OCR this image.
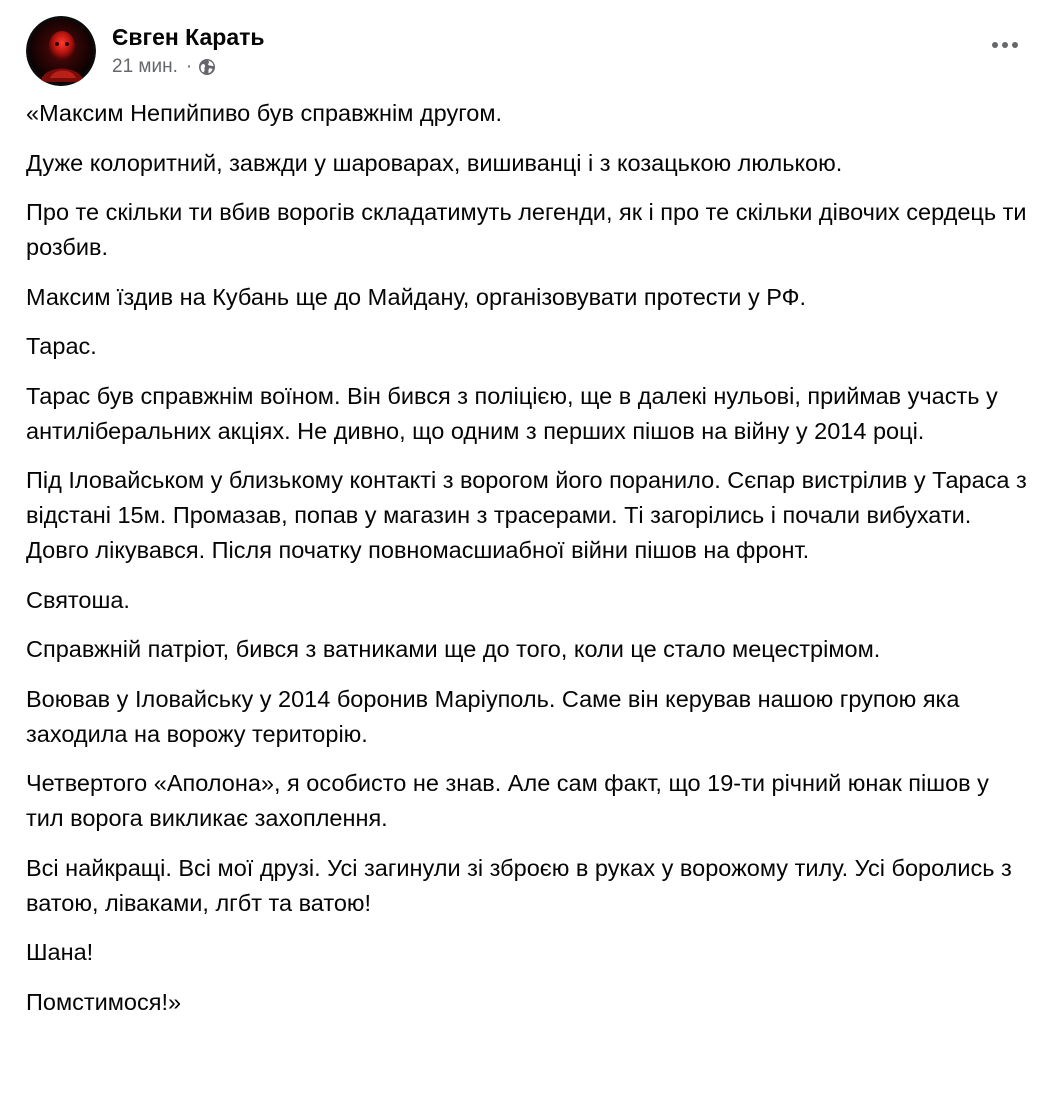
Євген Карать
21 мин. ·

«Максим Непийпиво був справжнім другом.

Дуже колоритний, завжди у шароварах, вишиванці і з козацькою люлькою.

Про те скільки ти вбив ворогів складатимуть легенди, як і про те скільки дівочих сердець ти розбив.

Максим їздив на Кубань ще до Майдану, організовувати протести у РФ.

Тарас.

Тарас був справжнім воїном. Він бився з поліцією, ще в далекі нульові, приймав участь у антиліберальних акціях. Не дивно, що одним з перших пішов на війну у 2014 році.

Під Іловайськом у близькому контакті з ворогом його поранило. Сєпар вистрілив у Тараса з відстані 15м. Промазав, попав у магазин з трасерами. Ті загорілись і почали вибухати. Довго лікувався. Після початку повномасшиабної війни пішов на фронт.

Святоша.

Справжній патріот, бився з ватниками ще до того, коли це стало мецестрімом.

Воював у Іловайську у 2014 боронив Маріуполь. Саме він керував нашою групою яка заходила на ворожу територію.

Четвертого «Аполона», я особисто не знав. Але сам факт, що 19-ти річний юнак пішов у тил ворога викликає захоплення.

Всі найкращі. Всі мої друзі. Усі загинули зі зброєю в руках у ворожому тилу. Усі боролись з ватою, ліваками, лгбт та ватою!

Шана!

Помстимося!»
